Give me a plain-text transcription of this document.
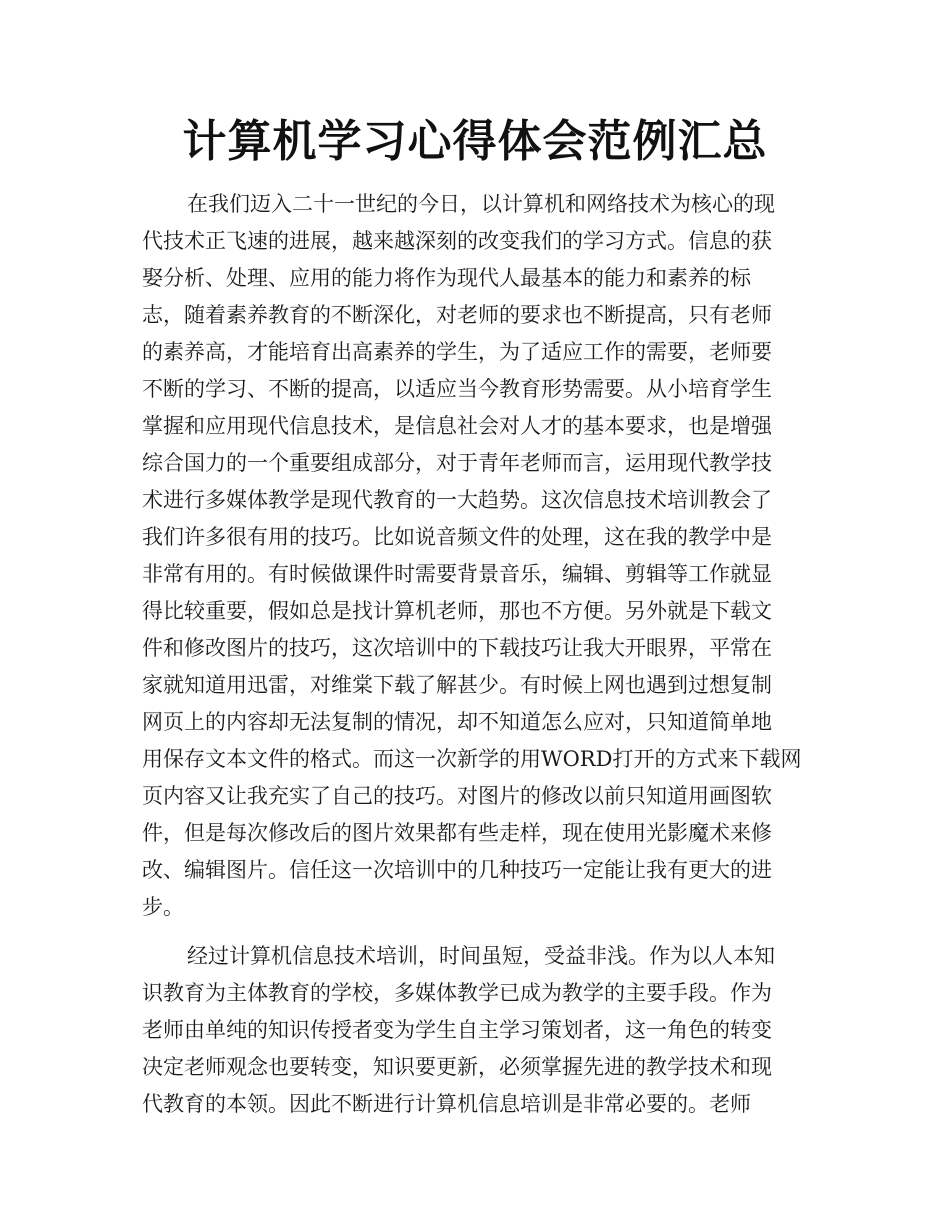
计算机学习心得体会范例汇总
在我们迈入二十一世纪的今日，以计算机和网络技术为核心的现
代技术正飞速的进展，越来越深刻的改变我们的学习方式。信息的获
娶分析、处理、应用的能力将作为现代人最基本的能力和素养的标
志，随着素养教育的不断深化，对老师的要求也不断提高，只有老师
的素养高，才能培育出高素养的学生，为了适应工作的需要，老师要
不断的学习、不断的提高，以适应当今教育形势需要。从小培育学生
掌握和应用现代信息技术，是信息社会对人才的基本要求，也是增强
综合国力的一个重要组成部分，对于青年老师而言，运用现代教学技
术进行多媒体教学是现代教育的一大趋势。这次信息技术培训教会了
我们许多很有用的技巧。比如说音频文件的处理，这在我的教学中是
非常有用的。有时候做课件时需要背景音乐，编辑、剪辑等工作就显
得比较重要，假如总是找计算机老师，那也不方便。另外就是下载文
件和修改图片的技巧，这次培训中的下载技巧让我大开眼界，平常在
家就知道用迅雷，对维棠下载了解甚少。有时候上网也遇到过想复制
网页上的内容却无法复制的情况，却不知道怎么应对，只知道简单地
用保存文本文件的格式。而这一次新学的用WORD打开的方式来下载网
页内容又让我充实了自己的技巧。对图片的修改以前只知道用画图软
件，但是每次修改后的图片效果都有些走样，现在使用光影魔术来修
改、编辑图片。信任这一次培训中的几种技巧一定能让我有更大的进
步。
经过计算机信息技术培训，时间虽短，受益非浅。作为以人本知
识教育为主体教育的学校，多媒体教学已成为教学的主要手段。作为
老师由单纯的知识传授者变为学生自主学习策划者，这一角色的转变
决定老师观念也要转变，知识要更新，必须掌握先进的教学技术和现
代教育的本领。因此不断进行计算机信息培训是非常必要的。老师
